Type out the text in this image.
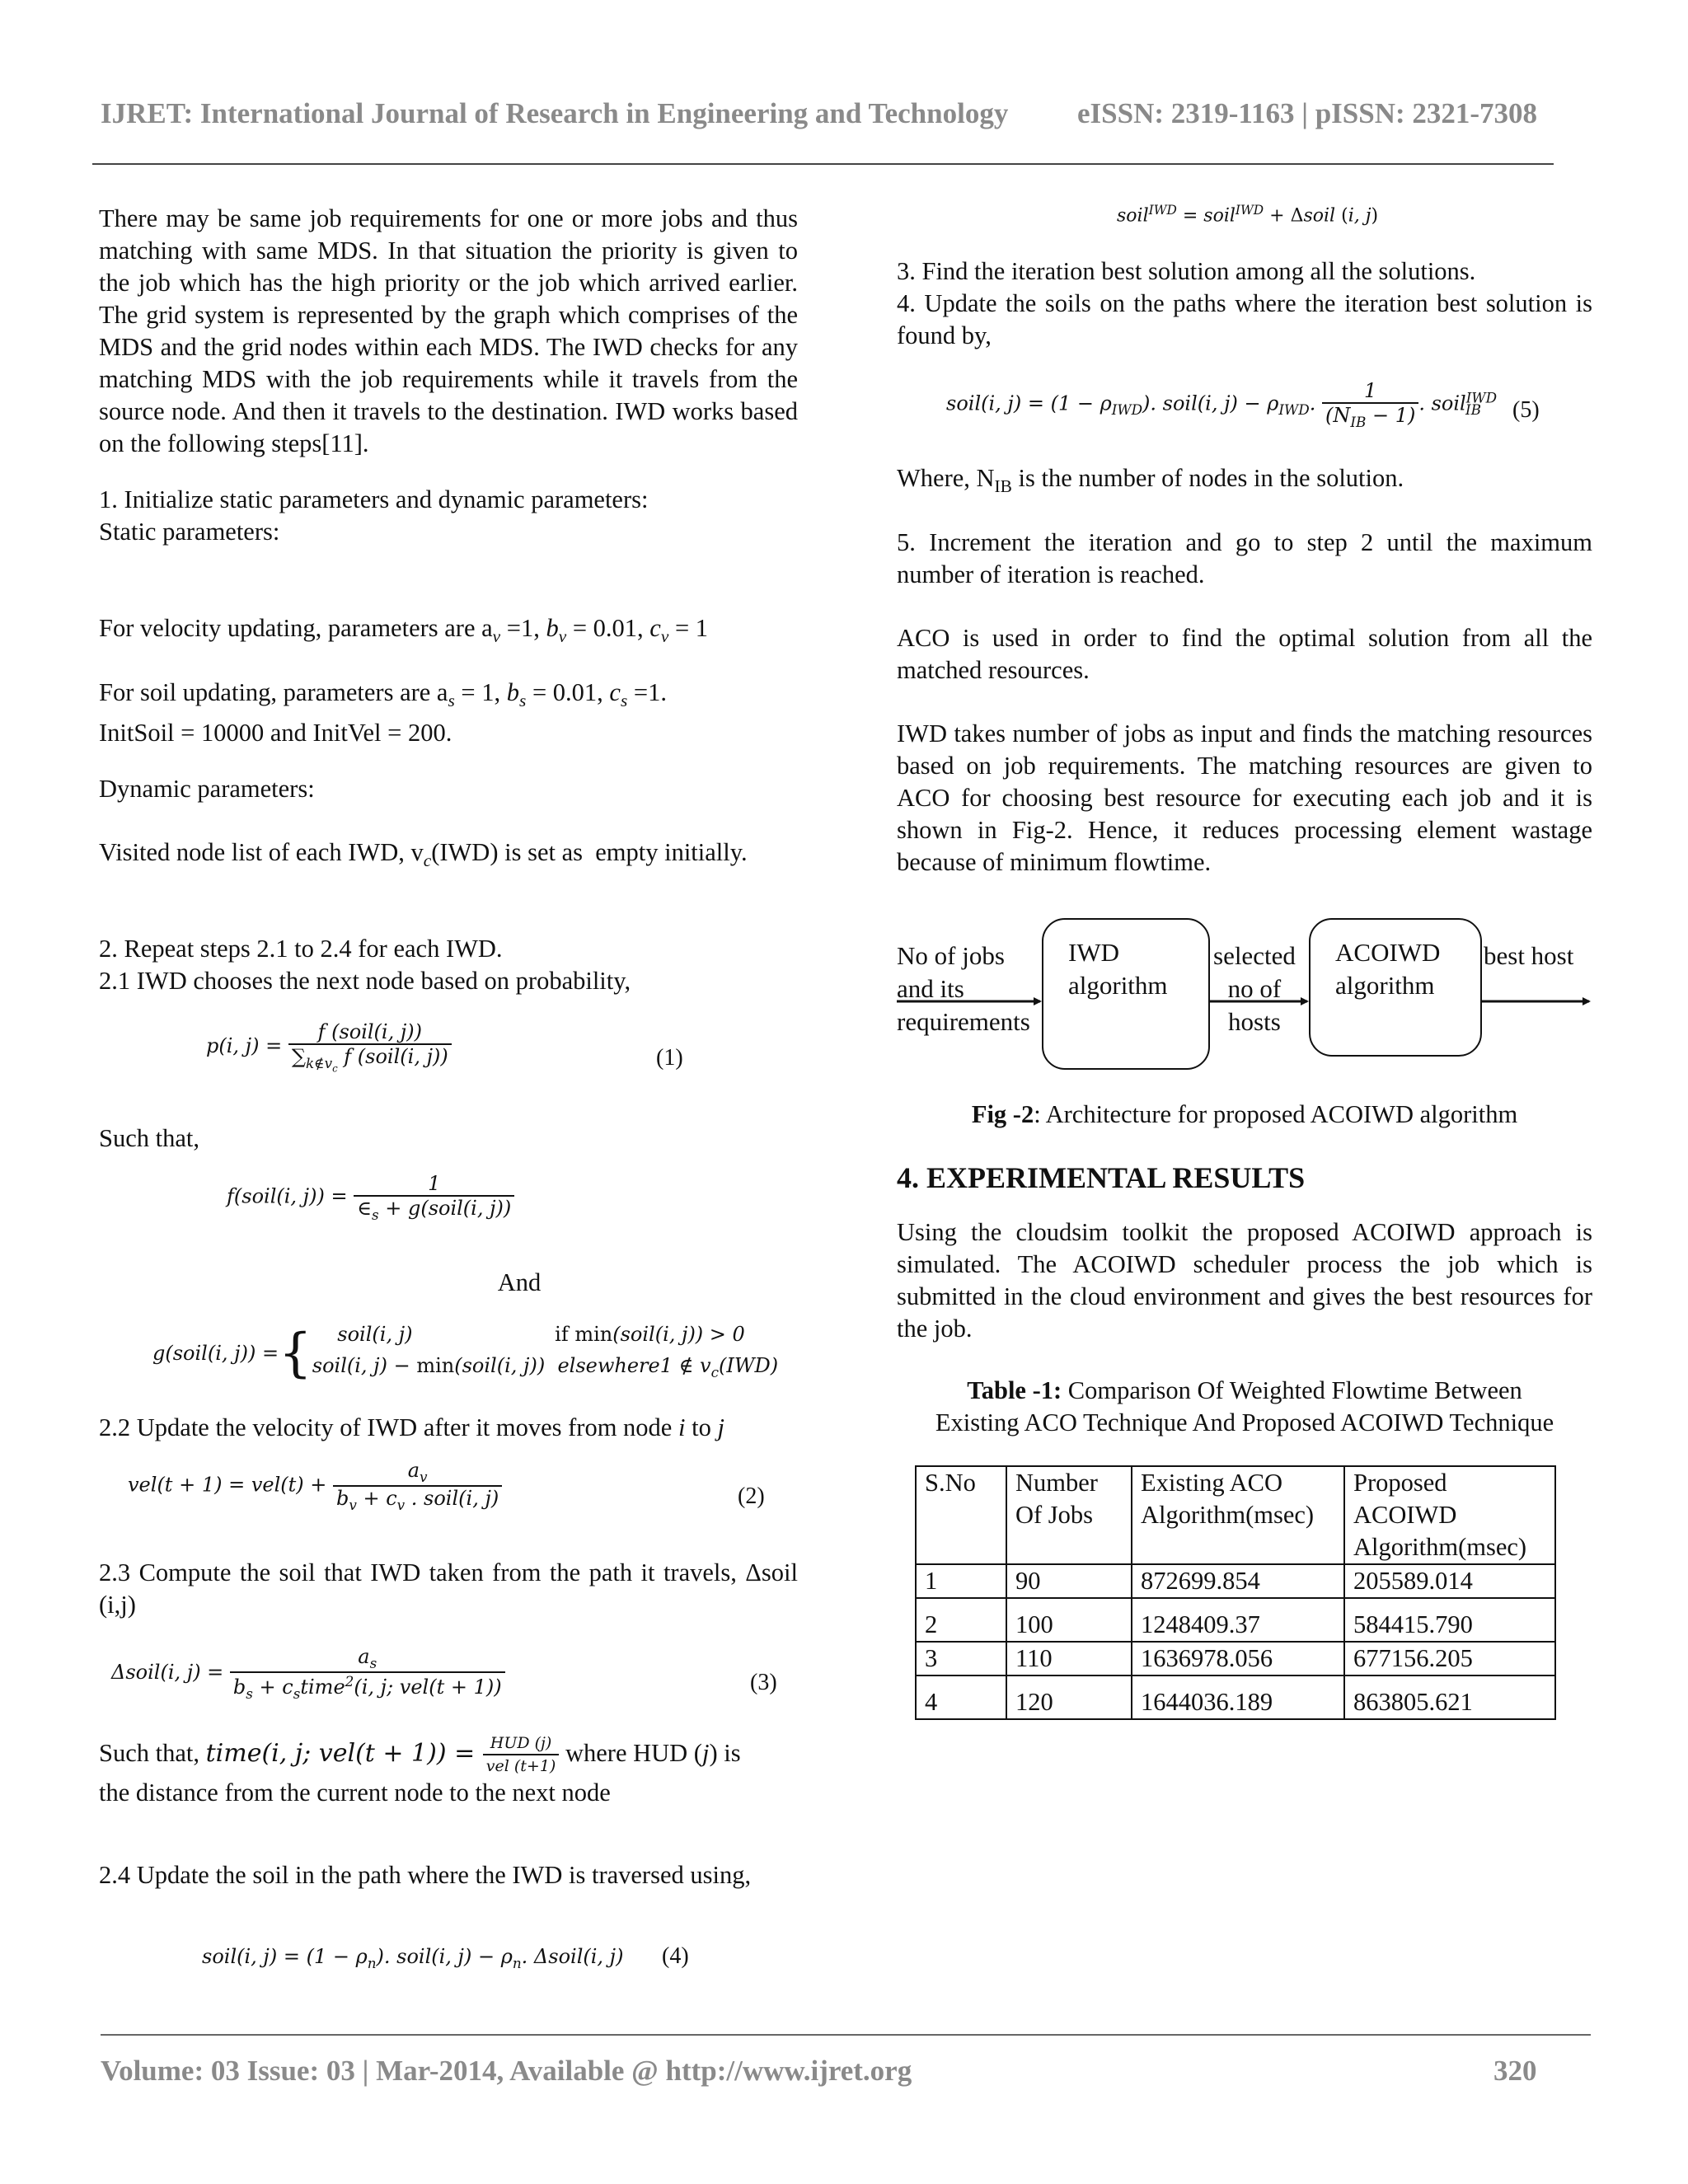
IJRET: International Journal of Research in Engineering and Technology eISSN: 2319-1163 | pISSN: 2321-7308

There may be same job requirements for one or more jobs and thus matching with same MDS. In that situation the priority is given to the job which has the high priority or the job which arrived earlier. The grid system is represented by the graph which comprises of the MDS and the grid nodes within each MDS. The IWD checks for any matching MDS with the job requirements while it travels from the source node. And then it travels to the destination. IWD works based on the following steps[11].

1. Initialize static parameters and dynamic parameters:
Static parameters:
For velocity updating, parameters are $a_v =1$, $b_v = 0.01$, $c_v = 1$
For soil updating, parameters are $a_s = 1$, $b_s = 0.01$, $c_s =1$.
InitSoil = 10000 and InitVel = 200.
Dynamic parameters:

Visited node list of each IWD, $v_c(IWD)$ is set as  empty initially.

2. Repeat steps 2.1 to 2.4 for each IWD.
2.1 IWD chooses the next node based on probability,
p(i, $j) = \frac{\text{f (soil(i, j))}}{\sum_{k\notin v_c} f (soil(i, j))}$	(1)
Such that,
f(soil(i, $j)) = \frac{1}{\in_s + g(soil(i, j))}$
And
g(soil(i, j)) ={ soil(i, j)	if min(soil(i, j)) > 0
soil(i, j) − min(soil(i, j))  elsewhere1 ∉ $v_c(IWD)$
2.2 Update the velocity of IWD after it moves from node i to j
$vel(t + 1) = vel(t) + \frac{a_v}{b_v + c_v . soil(i, j)}$	(2)

2.3 Compute the soil that IWD taken from the path it travels, Δsoil (i,j)

Δsoil(i, $j) = \frac{a_s}{b_s + c_stime^2(i, j; vel(t + 1))}$	(3)
Such that, time(i, j; $vel(t + 1)) = \frac{\text{HUD (j)}}{\text{vel (t+1)}}$ where HUD (j) is
the distance from the current node to the next node

2.4 Update the soil in the path where the IWD is traversed using,

soil(i, $j) = (1 - \rho_n)$. soil(i, $j) - \rho_n$. Δsoil(i, j) (4)
soil$^{IWD}$ = soil$^{IWD}$ + Δsoil (i, j)
3. Find the iteration best solution among all the solutions.

4. Update the soils on the paths where the iteration best solution is found by,

soil(i, $j) = (1 - \rho_{IWD})$. soil(i, $j) - \rho_{IWD}$. $\frac{1}{(N_{IB} - 1)}$ . soil$^{IWD}_{IB}$ (5)
Where, $N_{IB}$ is the number of nodes in the solution.

5. Increment the iteration and go to step 2 until the maximum number of iteration is reached.

ACO is used in order to find the optimal solution from all the matched resources.

IWD takes number of jobs as input and finds the matching resources based on job requirements. The matching resources are given to ACO for choosing best resource for executing each job and it is shown in Fig-2. Hence, it reduces processing element wastage because of minimum flowtime.

No of jobs
and its
requirements
IWD
algorithm
selected
no of
hosts
ACOIWD
algorithm
best host
Fig -2: Architecture for proposed ACOIWD algorithm
4. EXPERIMENTAL RESULTS

Using the cloudsim toolkit the proposed ACOIWD approach is simulated. The ACOIWD scheduler process the job which is submitted in the cloud environment and gives the best resources for the job.

Table -1: Comparison Of Weighted Flowtime Between
Existing ACO Technique And Proposed ACOIWD Technique
S.No	Number Of Jobs	Existing ACO Algorithm(msec)	Proposed ACOIWD Algorithm(msec)
1	90	872699.854	205589.014
2	100	1248409.37	584415.790
3	110	1636978.056	677156.205
4	120	1644036.189	863805.621
Volume: 03 Issue: 03 | Mar-2014, Available @ http://www.ijret.org	320
